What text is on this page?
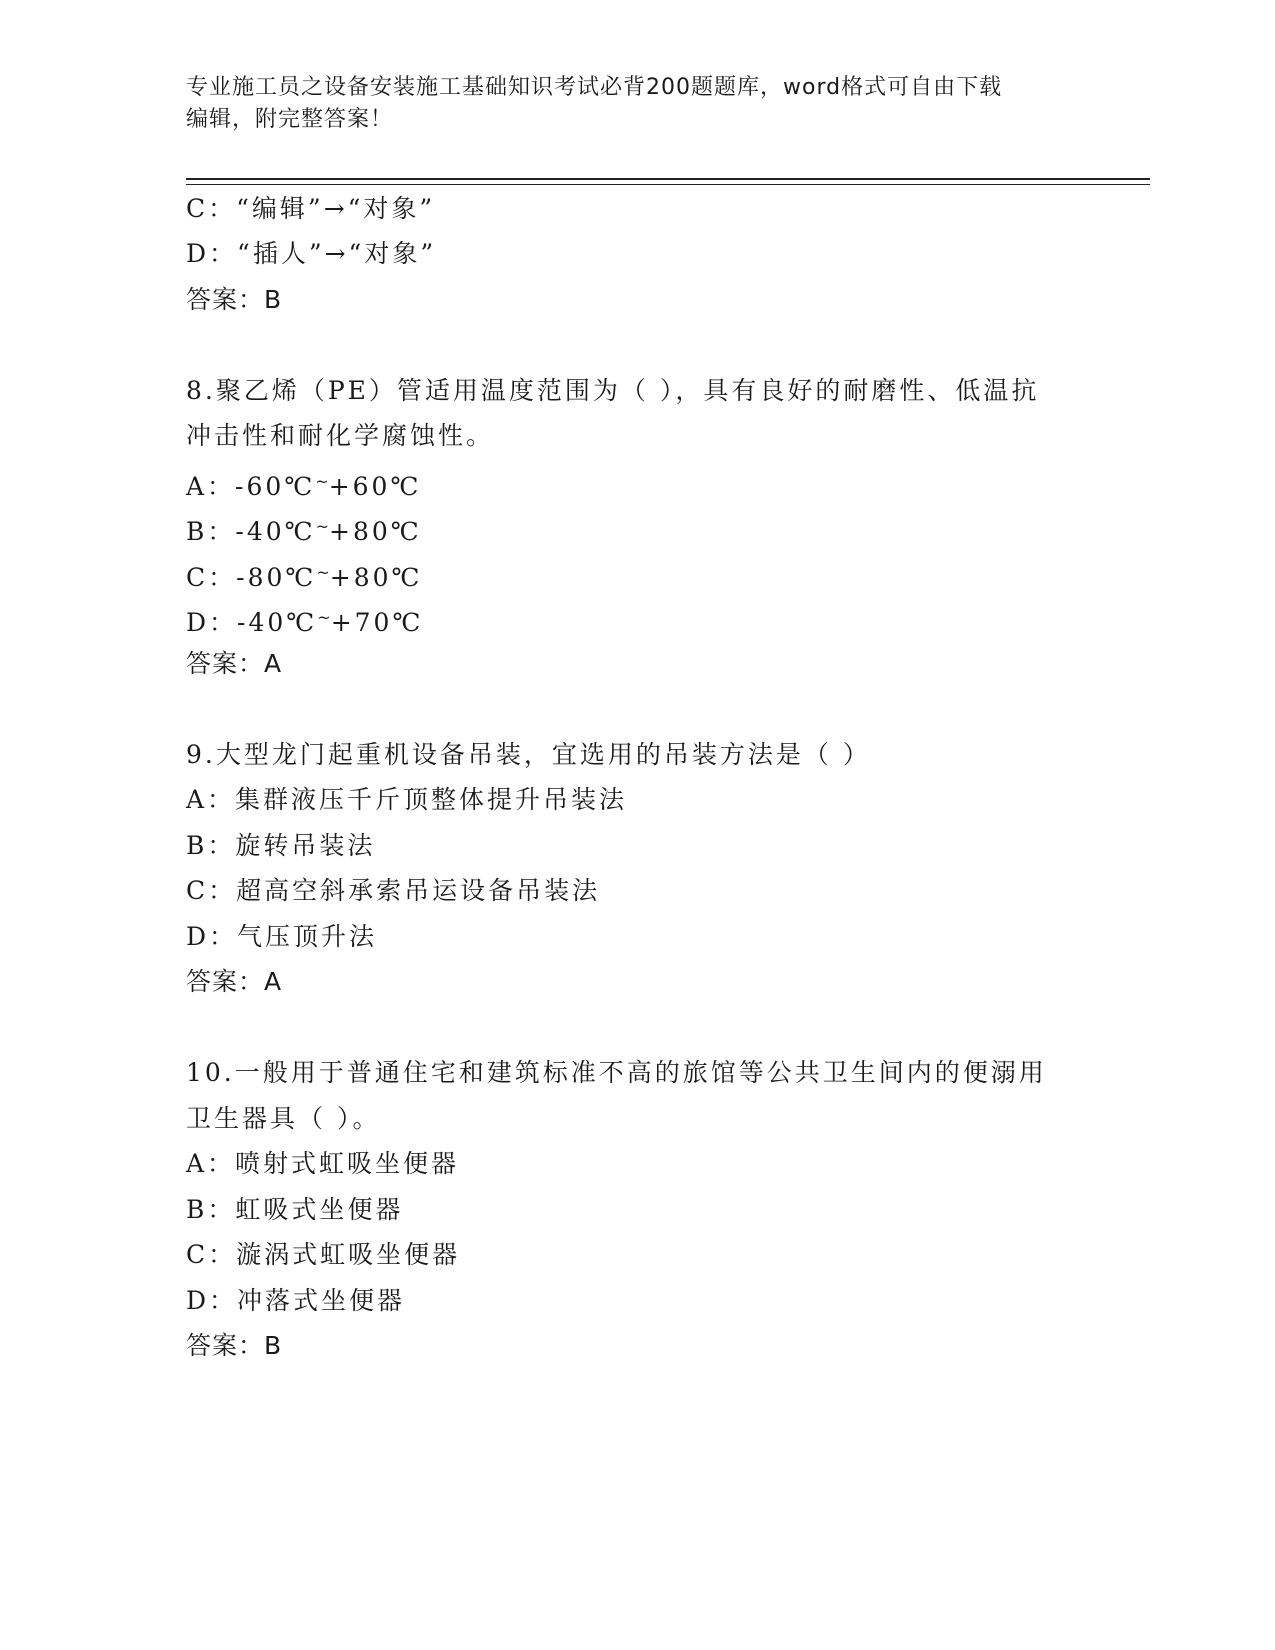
专业施工员之设备安装施工基础知识考试必背200题题库，word格式可自由下载
编辑，附完整答案！
C：“编辑”→“对象”
D：“插人”→“对象”
答案：B
8.聚乙烯（PE）管适用温度范围为（ ），具有良好的耐磨性、低温抗
冲击性和耐化学腐蚀性。
A：-60℃~+60℃
B：-40℃~+80℃
C：-80℃~+80℃
D：-40℃~+70℃
答案：A
9.大型龙门起重机设备吊装，宜选用的吊装方法是（ ）
A：集群液压千斤顶整体提升吊装法
B：旋转吊装法
C：超高空斜承索吊运设备吊装法
D：气压顶升法
答案：A
10.一般用于普通住宅和建筑标准不高的旅馆等公共卫生间内的便溺用
卫生器具（ ）。
A：喷射式虹吸坐便器
B：虹吸式坐便器
C：漩涡式虹吸坐便器
D：冲落式坐便器
答案：B
